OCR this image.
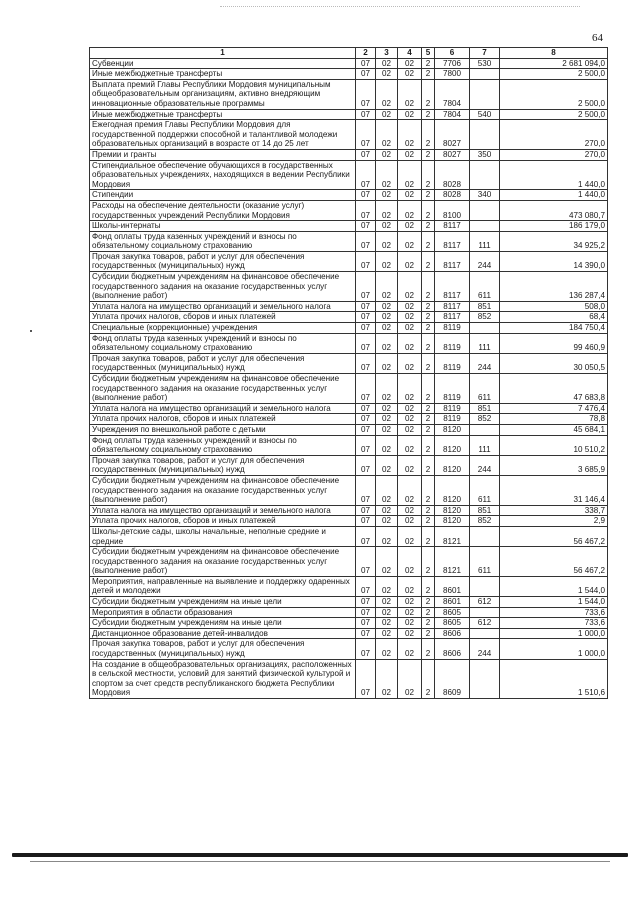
64
1	2	3	4	5	6	7	8
Субвенции	07	02	02	2	7706	530	2 681 094,0
Иные межбюджетные трансферты	07	02	02	2	7800		2 500,0
Выплата премий Главы Республики Мордовия муниципальным общеобразовательным организациям, активно внедряющим инновационные образовательные программы	07	02	02	2	7804		2 500,0
Иные межбюджетные трансферты	07	02	02	2	7804	540	2 500,0
Ежегодная премия Главы Республики Мордовия для государственной поддержки способной и талантливой молодежи образовательных организаций в возрасте от 14 до 25 лет	07	02	02	2	8027		270,0
Премии и гранты	07	02	02	2	8027	350	270,0
Стипендиальное обеспечение обучающихся в государственных образовательных учреждениях, находящихся в ведении Республики Мордовия	07	02	02	2	8028		1 440,0
Стипендии	07	02	02	2	8028	340	1 440,0
Расходы на обеспечение деятельности (оказание услуг) государственных учреждений Республики Мордовия	07	02	02	2	8100		473 080,7
Школы-интернаты	07	02	02	2	8117		186 179,0
Фонд оплаты труда казенных учреждений и взносы по обязательному социальному страхованию	07	02	02	2	8117	111	34 925,2
Прочая закупка товаров, работ и услуг для обеспечения государственных (муниципальных) нужд	07	02	02	2	8117	244	14 390,0
Субсидии бюджетным учреждениям на финансовое обеспечение государственного задания на оказание государственных услуг (выполнение работ)	07	02	02	2	8117	611	136 287,4
Уплата налога на имущество организаций и земельного налога	07	02	02	2	8117	851	508,0
Уплата прочих налогов, сборов и иных платежей	07	02	02	2	8117	852	68,4
Специальные (коррекционные) учреждения	07	02	02	2	8119		184 750,4
Фонд оплаты труда казенных учреждений и взносы по обязательному социальному страхованию	07	02	02	2	8119	111	99 460,9
Прочая закупка товаров, работ и услуг для обеспечения государственных (муниципальных) нужд	07	02	02	2	8119	244	30 050,5
Субсидии бюджетным учреждениям на финансовое обеспечение государственного задания на оказание государственных услуг (выполнение работ)	07	02	02	2	8119	611	47 683,8
Уплата налога на имущество организаций и земельного налога	07	02	02	2	8119	851	7 476,4
Уплата прочих налогов, сборов и иных платежей	07	02	02	2	8119	852	78,8
Учреждения по внешкольной работе с детьми	07	02	02	2	8120		45 684,1
Фонд оплаты труда казенных учреждений и взносы по обязательному социальному страхованию	07	02	02	2	8120	111	10 510,2
Прочая закупка товаров, работ и услуг для обеспечения государственных (муниципальных) нужд	07	02	02	2	8120	244	3 685,9
Субсидии бюджетным учреждениям на финансовое обеспечение государственного задания на оказание государственных услуг (выполнение работ)	07	02	02	2	8120	611	31 146,4
Уплата налога на имущество организаций и земельного налога	07	02	02	2	8120	851	338,7
Уплата прочих налогов, сборов и иных платежей	07	02	02	2	8120	852	2,9
Школы-детские сады, школы начальные, неполные средние и средние	07	02	02	2	8121		56 467,2
Субсидии бюджетным учреждениям на финансовое обеспечение государственного задания на оказание государственных услуг (выполнение работ)	07	02	02	2	8121	611	56 467,2
Мероприятия, направленные на выявление и поддержку одаренных детей и молодежи	07	02	02	2	8601		1 544,0
Субсидии бюджетным учреждениям на иные цели	07	02	02	2	8601	612	1 544,0
Мероприятия в области образования	07	02	02	2	8605		733,6
Субсидии бюджетным учреждениям на иные цели	07	02	02	2	8605	612	733,6
Дистанционное образование детей-инвалидов	07	02	02	2	8606		1 000,0
Прочая закупка товаров, работ и услуг для обеспечения государственных (муниципальных) нужд	07	02	02	2	8606	244	1 000,0
На создание в общеобразовательных организациях, расположенных в сельской местности, условий для занятий физической культурой и спортом за счет средств республиканского бюджета Республики Мордовия	07	02	02	2	8609		1 510,6
